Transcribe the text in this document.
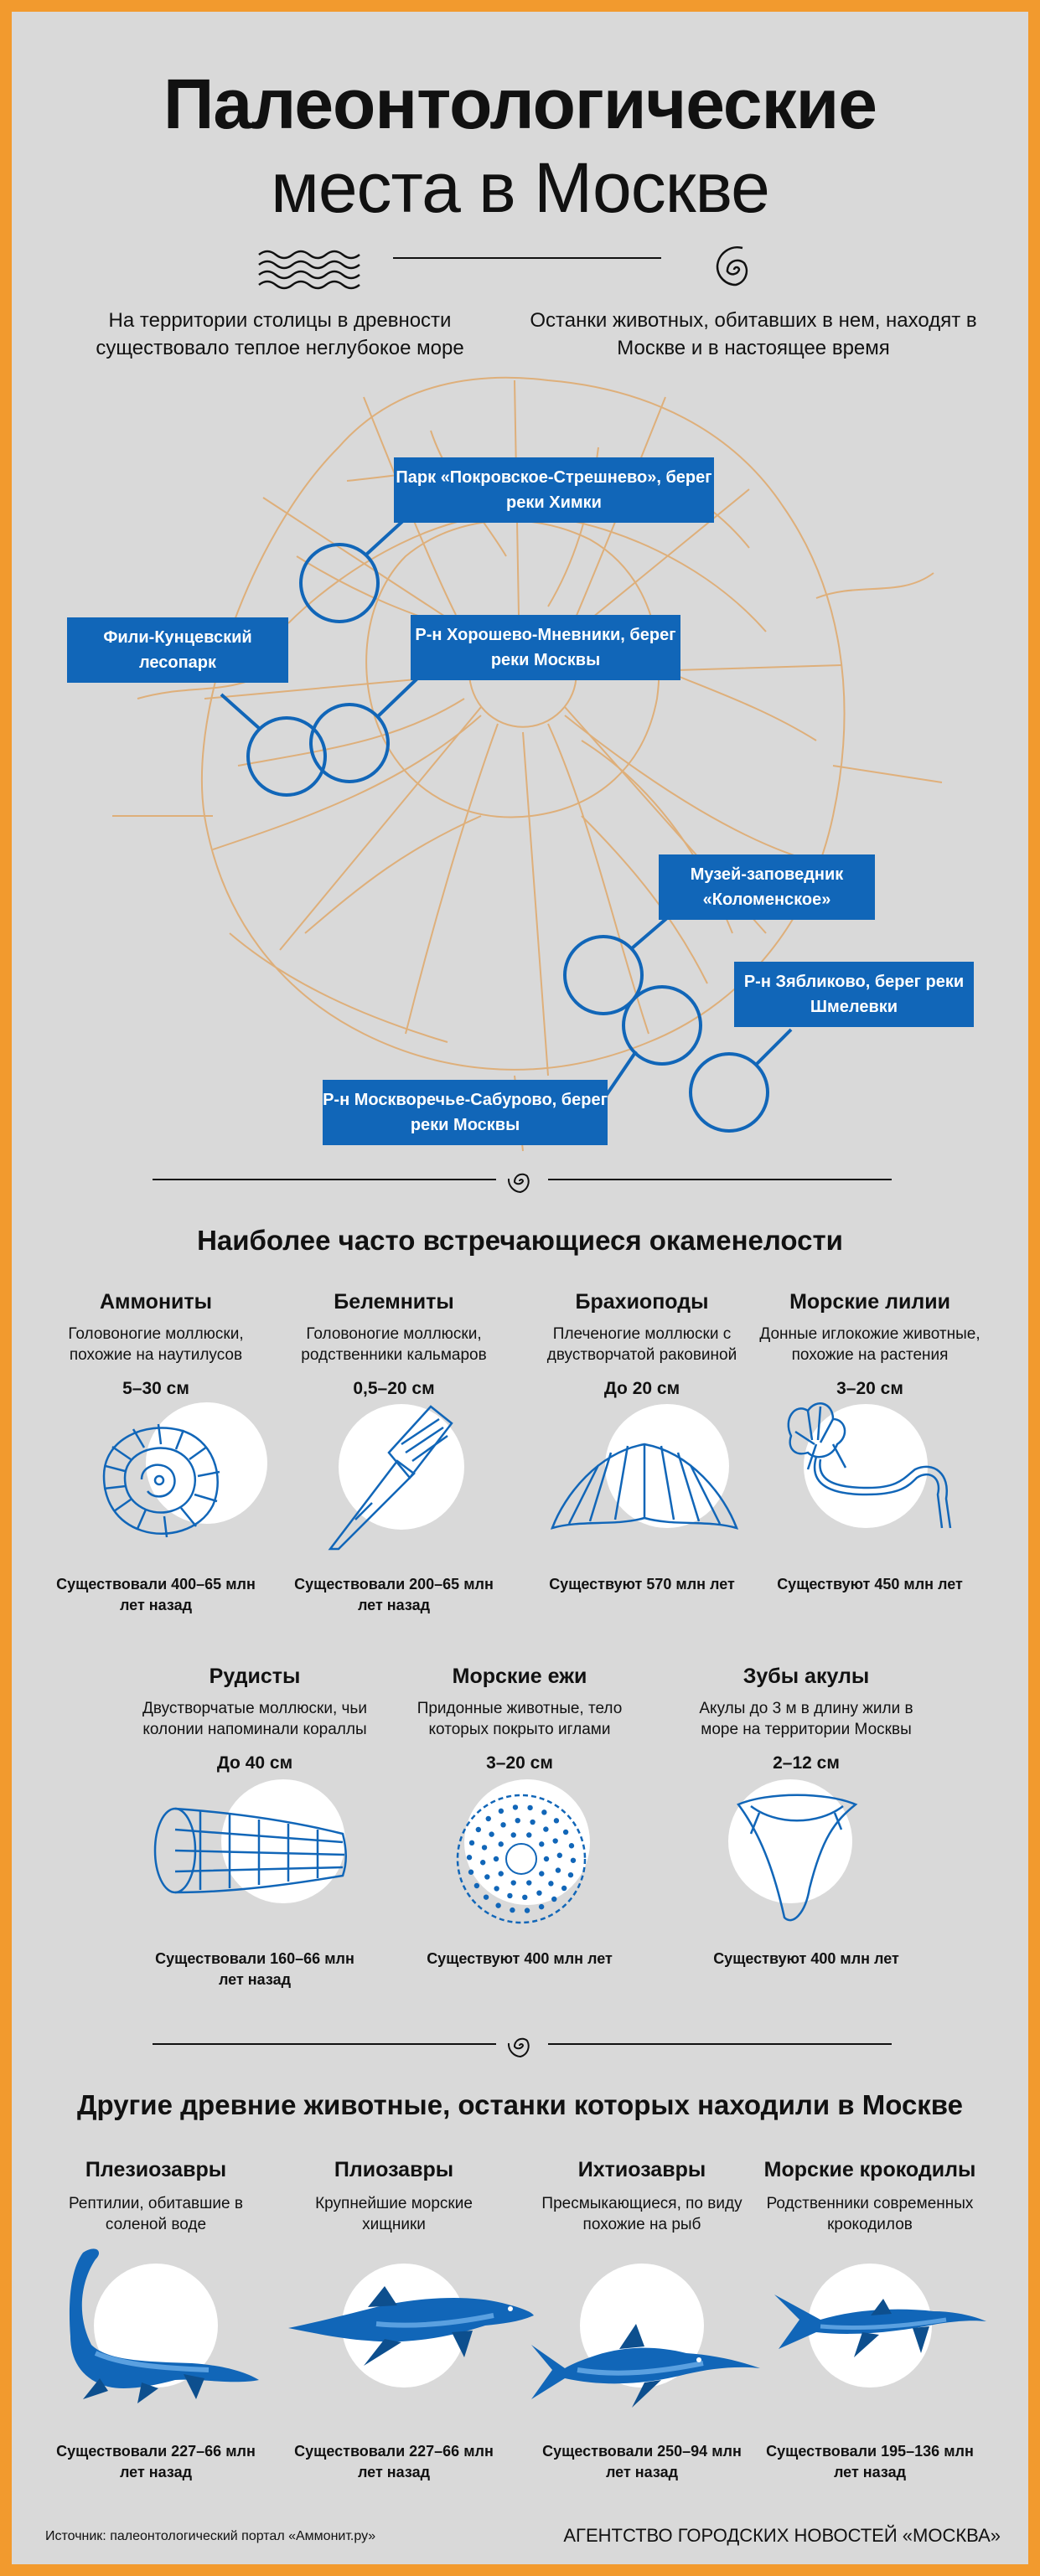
Палеонтологические
места в Москве
На территории столицы в древности существовало теплое неглубокое море
Останки животных, обитавших в нем, находят в Москве и в настоящее время
Парк «Покровское-Стрешнево», берег реки Химки
Фили-Кунцевский лесопарк
Р-н Хорошево-Мневники, берег реки Москвы
Музей-заповедник «Коломенское»
Р-н Зябликово, берег реки Шмелевки
Р-н Москворечье-Сабурово, берег реки Москвы
Наиболее часто встречающиеся окаменелости
Аммониты
Головоногие моллюски, похожие на наутилусов
5–30 см
Существовали 400–65 млн лет назад
Белемниты
Головоногие моллюски, родственники кальмаров
0,5–20 см
Существовали 200–65 млн лет назад
Брахиоподы
Плеченогие моллюски с двустворчатой раковиной
До 20 см
Существуют 570 млн лет
Морские лилии
Донные иглокожие животные, похожие на растения
3–20 см
Существуют 450 млн лет
Рудисты
Двустворчатые моллюски, чьи колонии напоминали кораллы
До 40 см
Существовали 160–66 млн лет назад
Морские ежи
Придонные животные, тело которых покрыто иглами
3–20 см
Существуют 400 млн лет
Зубы акулы
Акулы до 3 м в длину жили в море на территории Москвы
2–12 см
Существуют 400 млн лет
Другие древние животные, останки которых находили в Москве
Плезиозавры
Рептилии, обитавшие в соленой воде
Существовали 227–66 млн лет назад
Плиозавры
Крупнейшие морские хищники
Существовали 227–66 млн лет назад
Ихтиозавры
Пресмыкающиеся, по виду похожие на рыб
Существовали 250–94 млн лет назад
Морские крокодилы
Родственники современных крокодилов
Существовали 195–136 млн лет назад
Источник: палеонтологический портал «Аммонит.ру»	АГЕНТСТВО ГОРОДСКИХ НОВОСТЕЙ «МОСКВА»
